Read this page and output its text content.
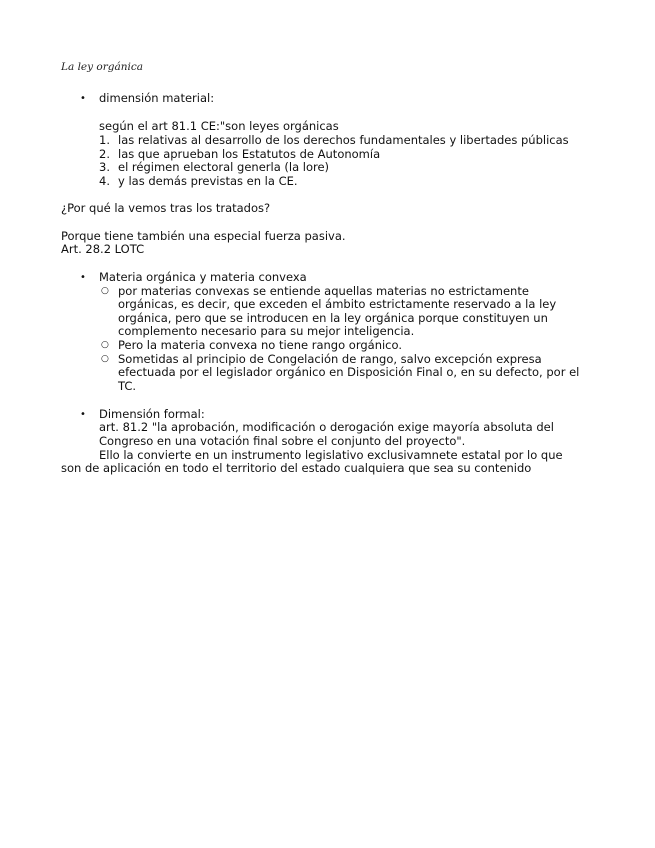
La ley orgánica
• dimensión material:
según el art 81.1 CE:"son leyes orgánicas
1. las relativas al desarrollo de los derechos fundamentales y libertades públicas
2. las que aprueban los Estatutos de Autonomía
3. el régimen electoral generla (la lore)
4. y las demás previstas en la CE.
¿Por qué la vemos tras los tratados?
Porque tiene también una especial fuerza pasiva.
Art. 28.2 LOTC
• Materia orgánica y materia convexa
○ por materias convexas se entiende aquellas materias no estrictamente
orgánicas, es decir, que exceden el ámbito estrictamente reservado a la ley
orgánica, pero que se introducen en la ley orgánica porque constituyen un
complemento necesario para su mejor inteligencia.
○ Pero la materia convexa no tiene rango orgánico.
○ Sometidas al principio de Congelación de rango, salvo excepción expresa
efectuada por el legislador orgánico en Disposición Final o, en su defecto, por el
TC.
• Dimensión formal:
art. 81.2 "la aprobación, modificación o derogación exige mayoría absoluta del
Congreso en una votación final sobre el conjunto del proyecto".
Ello la convierte en un instrumento legislativo exclusivamnete estatal por lo que
son de aplicación en todo el territorio del estado cualquiera que sea su contenido
